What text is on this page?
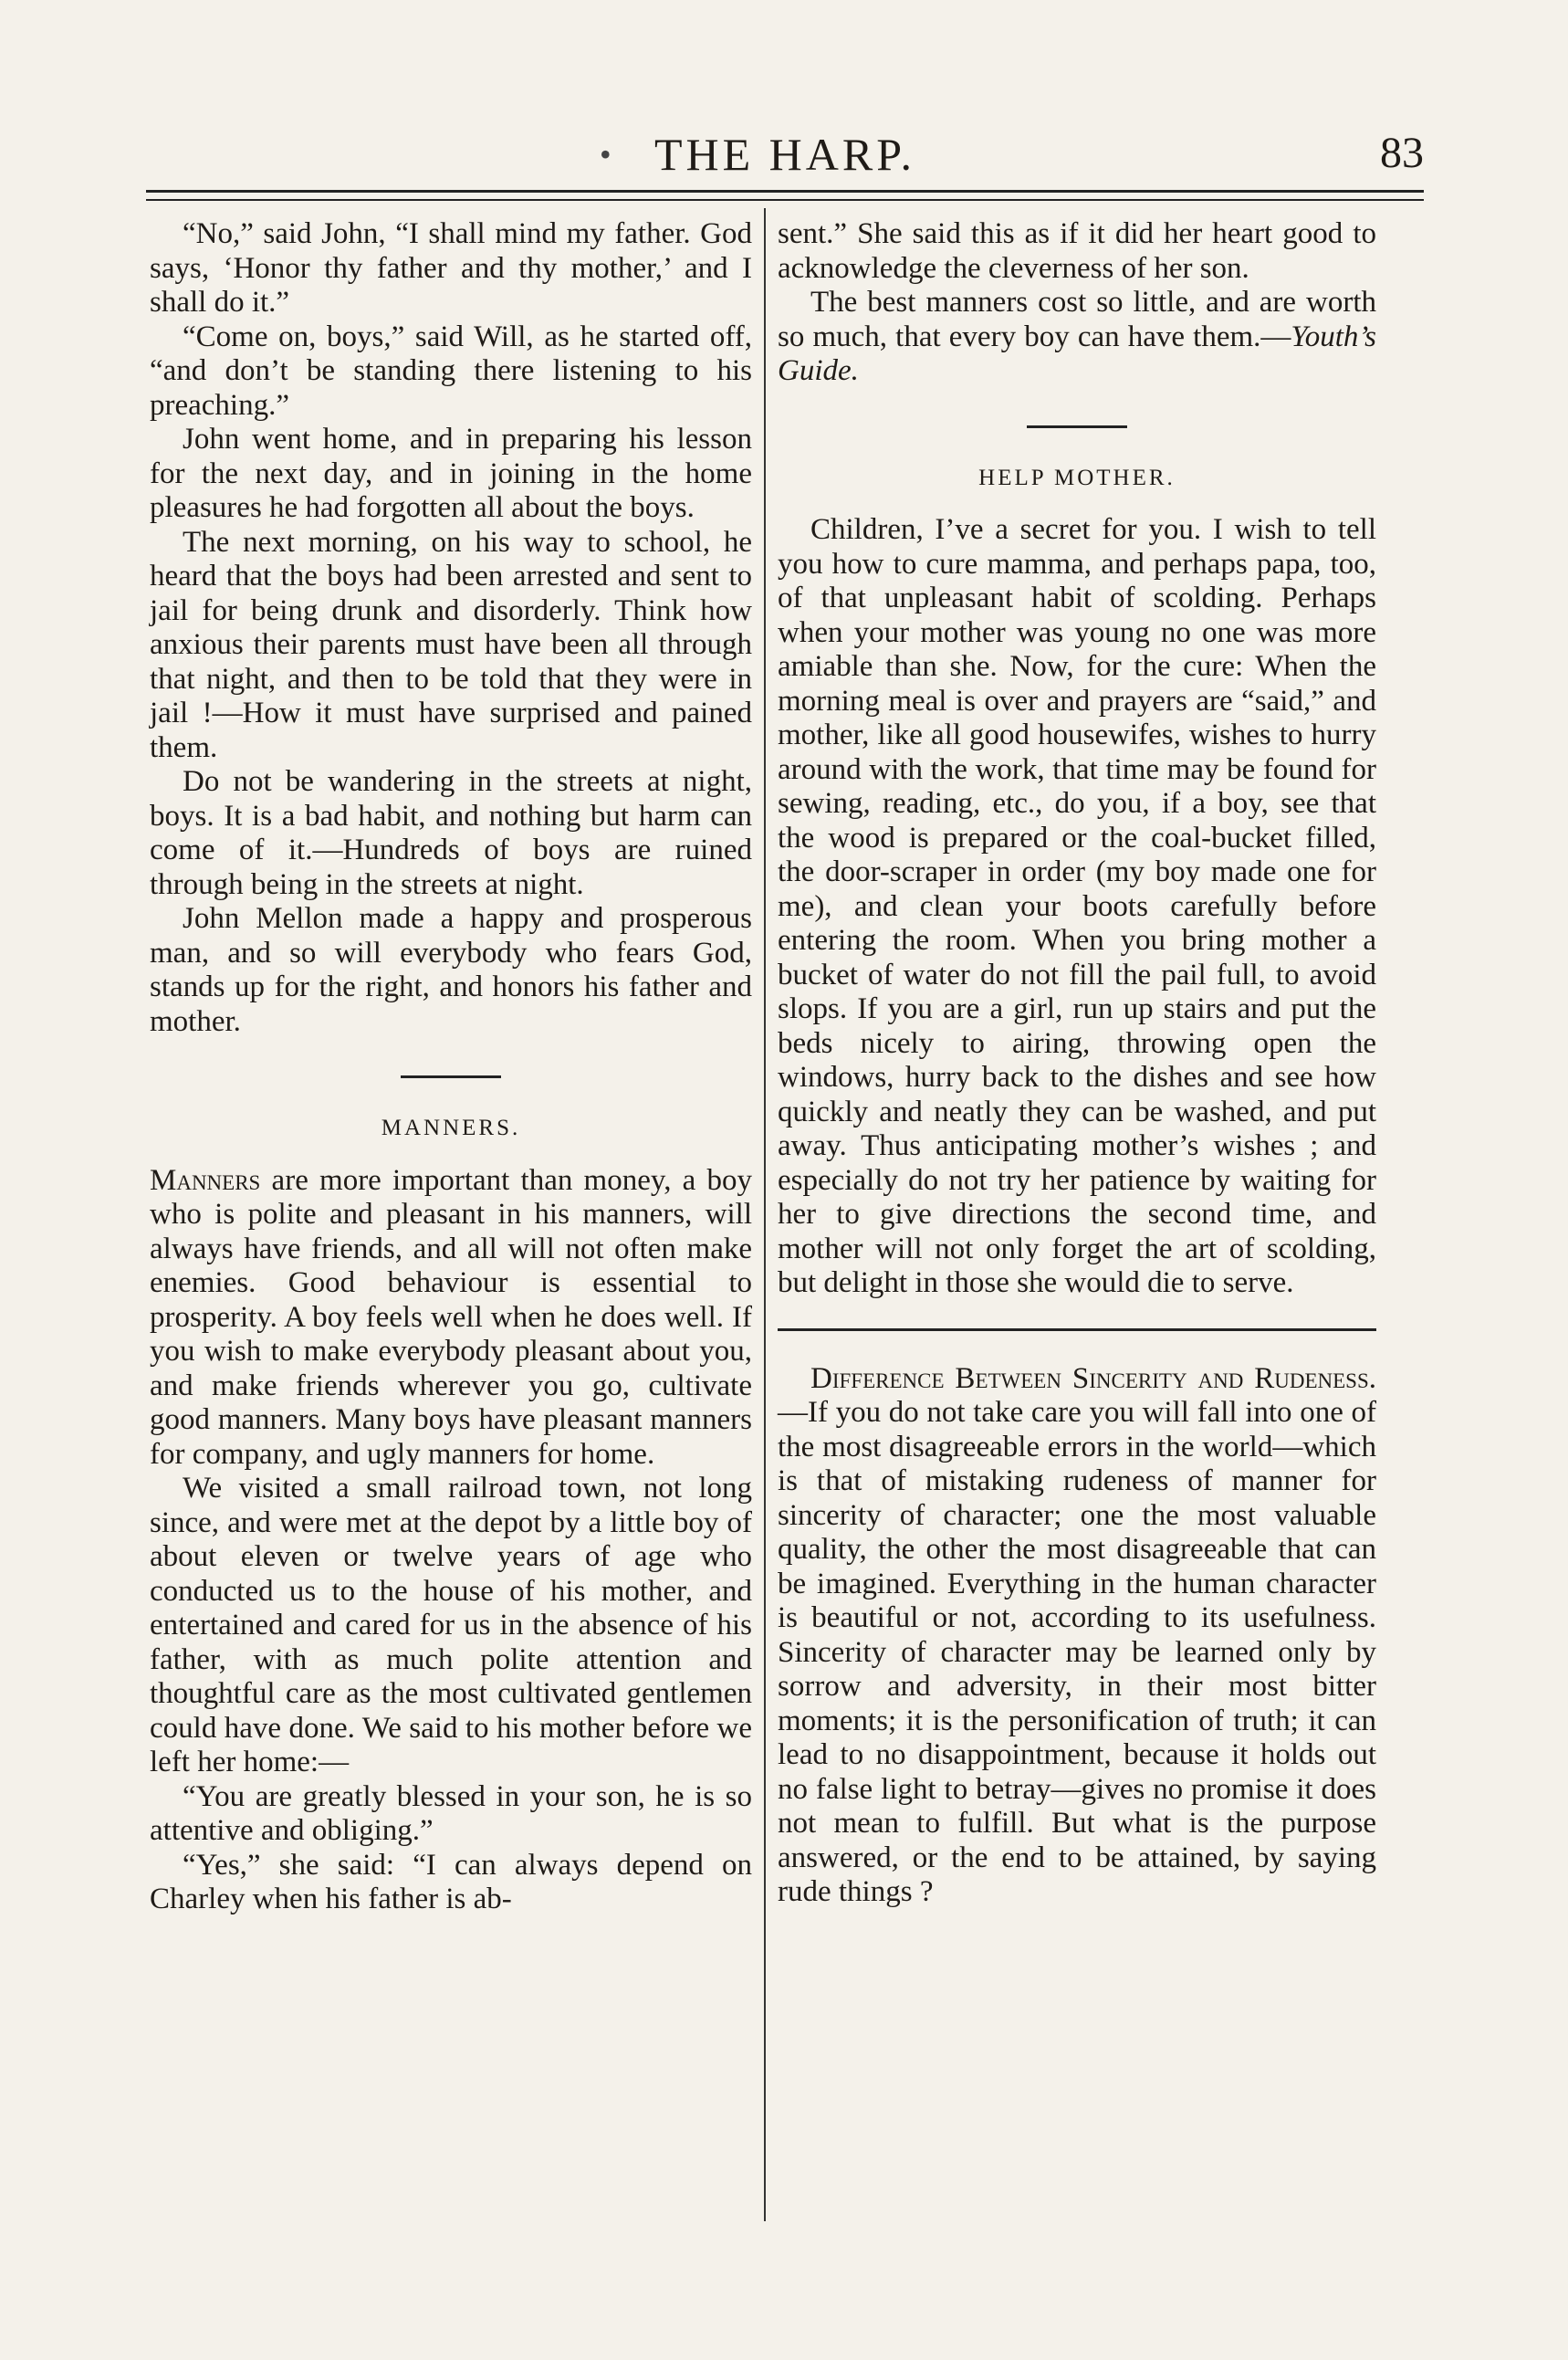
• THE HARP.	83

“No,” said John, “I shall mind my father. God says, ‘Honor thy father and thy mother,’ and I shall do it.”

“Come on, boys,” said Will, as he started off, “and don’t be standing there listening to his preaching.”

John went home, and in preparing his lesson for the next day, and in joining in the home pleasures he had forgotten all about the boys.

The next morning, on his way to school, he heard that the boys had been arrested and sent to jail for being drunk and disorderly. Think how anxious their parents must have been all through that night, and then to be told that they were in jail !—How it must have surprised and pained them.

Do not be wandering in the streets at night, boys. It is a bad habit, and nothing but harm can come of it.—Hundreds of boys are ruined through being in the streets at night.

John Mellon made a happy and prosperous man, and so will everybody who fears God, stands up for the right, and honors his father and mother.

MANNERS.

Manners are more important than money, a boy who is polite and pleasant in his manners, will always have friends, and all will not often make enemies. Good behaviour is essential to prosperity. A boy feels well when he does well. If you wish to make everybody pleasant about you, and make friends wherever you go, cultivate good manners. Many boys have pleasant manners for company, and ugly manners for home.

We visited a small railroad town, not long since, and were met at the depot by a little boy of about eleven or twelve years of age who conducted us to the house of his mother, and entertained and cared for us in the absence of his father, with as much polite attention and thoughtful care as the most cultivated gentlemen could have done. We said to his mother before we left her home:—

“You are greatly blessed in your son, he is so attentive and obliging.”

“Yes,” she said: “I can always depend on Charley when his father is ab-

sent.” She said this as if it did her heart good to acknowledge the cleverness of her son.

The best manners cost so little, and are worth so much, that every boy can have them.—Youth’s Guide.

HELP MOTHER.

Children, I’ve a secret for you. I wish to tell you how to cure mamma, and perhaps papa, too, of that unpleasant habit of scolding. Perhaps when your mother was young no one was more amiable than she. Now, for the cure: When the morning meal is over and prayers are “said,” and mother, like all good housewifes, wishes to hurry around with the work, that time may be found for sewing, reading, etc., do you, if a boy, see that the wood is prepared or the coal-bucket filled, the door-scraper in order (my boy made one for me), and clean your boots carefully before entering the room. When you bring mother a bucket of water do not fill the pail full, to avoid slops. If you are a girl, run up stairs and put the beds nicely to airing, throwing open the windows, hurry back to the dishes and see how quickly and neatly they can be washed, and put away. Thus anticipating mother’s wishes ; and especially do not try her patience by waiting for her to give directions the second time, and mother will not only forget the art of scolding, but delight in those she would die to serve.

Difference Between Sincerity and Rudeness.—If you do not take care you will fall into one of the most disagreeable errors in the world—which is that of mistaking rudeness of manner for sincerity of character; one the most valuable quality, the other the most disagreeable that can be imagined. Everything in the human character is beautiful or not, according to its usefulness. Sincerity of character may be learned only by sorrow and adversity, in their most bitter moments; it is the personification of truth; it can lead to no disappointment, because it holds out no false light to betray—gives no promise it does not mean to fulfill. But what is the purpose answered, or the end to be attained, by saying rude things ?
